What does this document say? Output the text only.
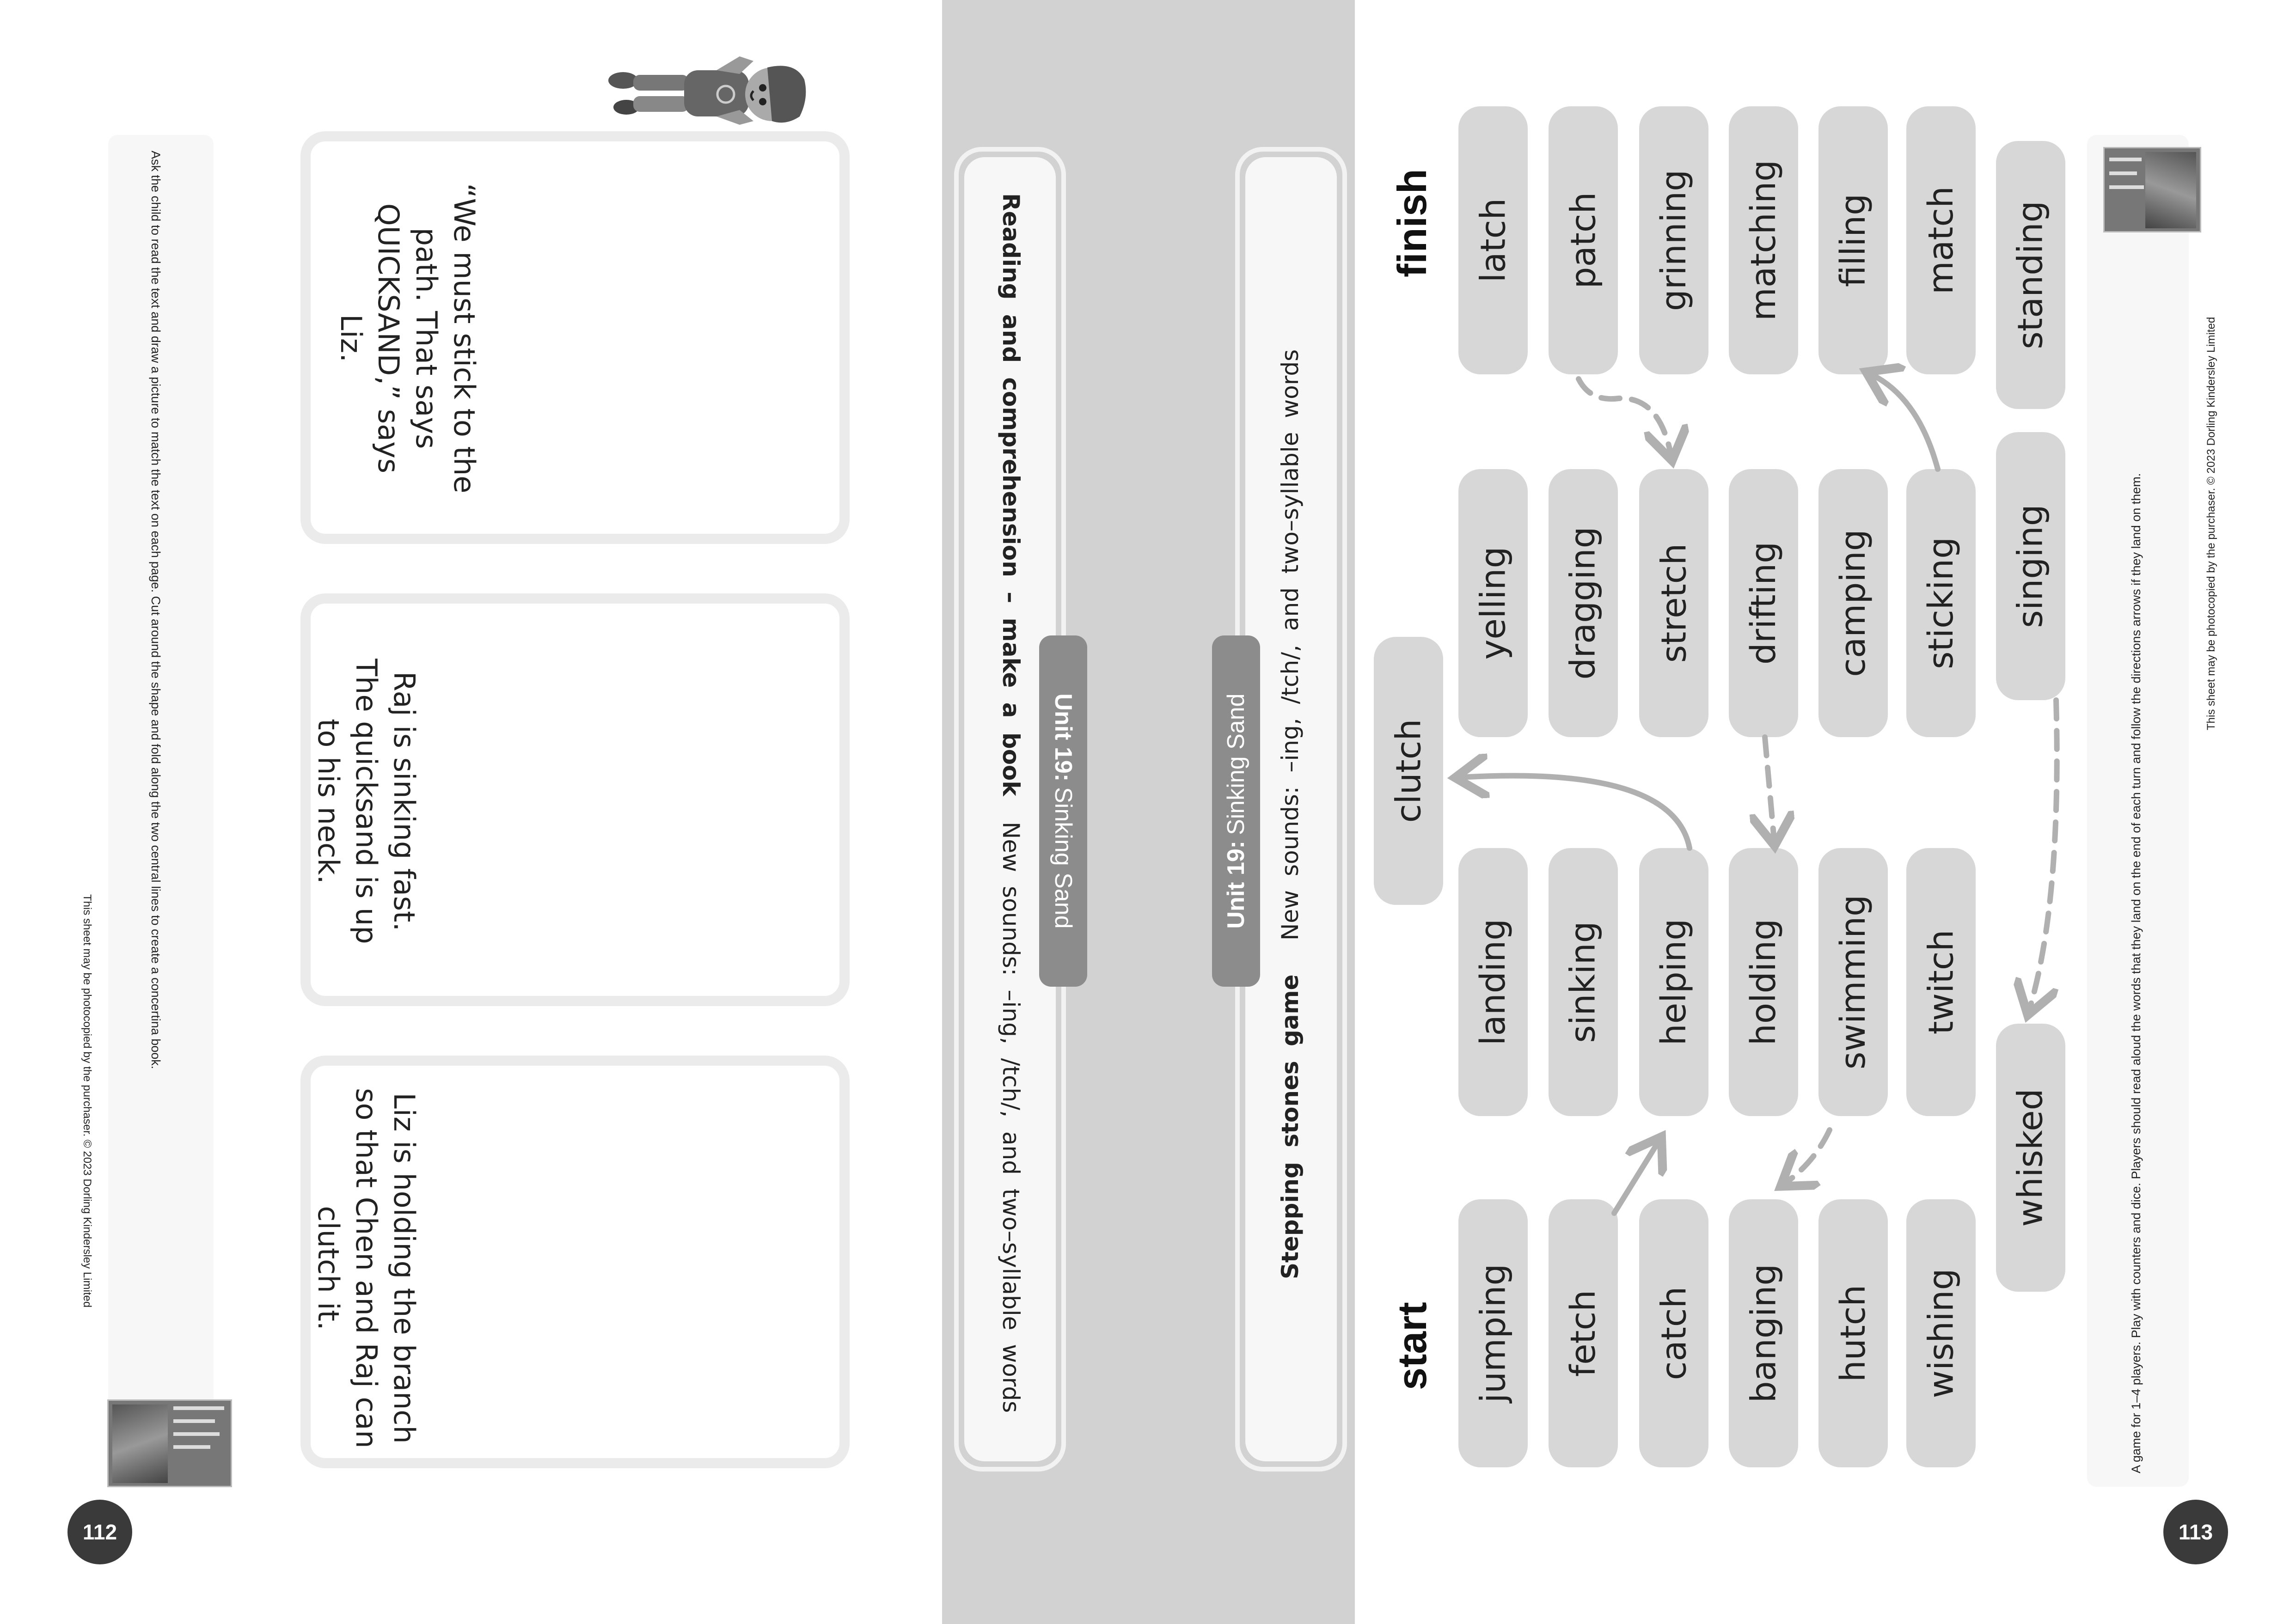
112
Ask the child to read the text and draw a picture to match the text on each page. Cut around the shape and fold along the two central lines to create a concertina book.
This sheet may be photocopied by the purchaser. © 2023 Dorling Kindersley Limited
“We must stick to the
path. That says
QUICKSAND,” says Liz.
Raj is sinking fast.
The quicksand is up
to his neck.
Liz is holding the branch
so that Chen and Raj can
clutch it.
Unit 19:
Sinking Sand
Reading and comprehension – make a book
New sounds: –ing, /tch/, and two–syllable words	Unit 19:
Sinking Sand
Stepping stones game
New sounds: –ing, /tch/, and two–syllable words
start
finish
jumping
landing
yelling
latch
fetch
sinking
dragging
patch
catch
helping
stretch
grinning
banging
holding
drifting
matching
hutch
swimming
camping
filling
wishing
twitch
sticking
match
whisked
singing
standing
clutch	A game for 1–4 players. Play with counters and dice. Players should read aloud the words that they land on the end of each turn and follow the directions arrows if they land on them.	This sheet may be photocopied by the purchaser. © 2023 Dorling Kindersley Limited
113
